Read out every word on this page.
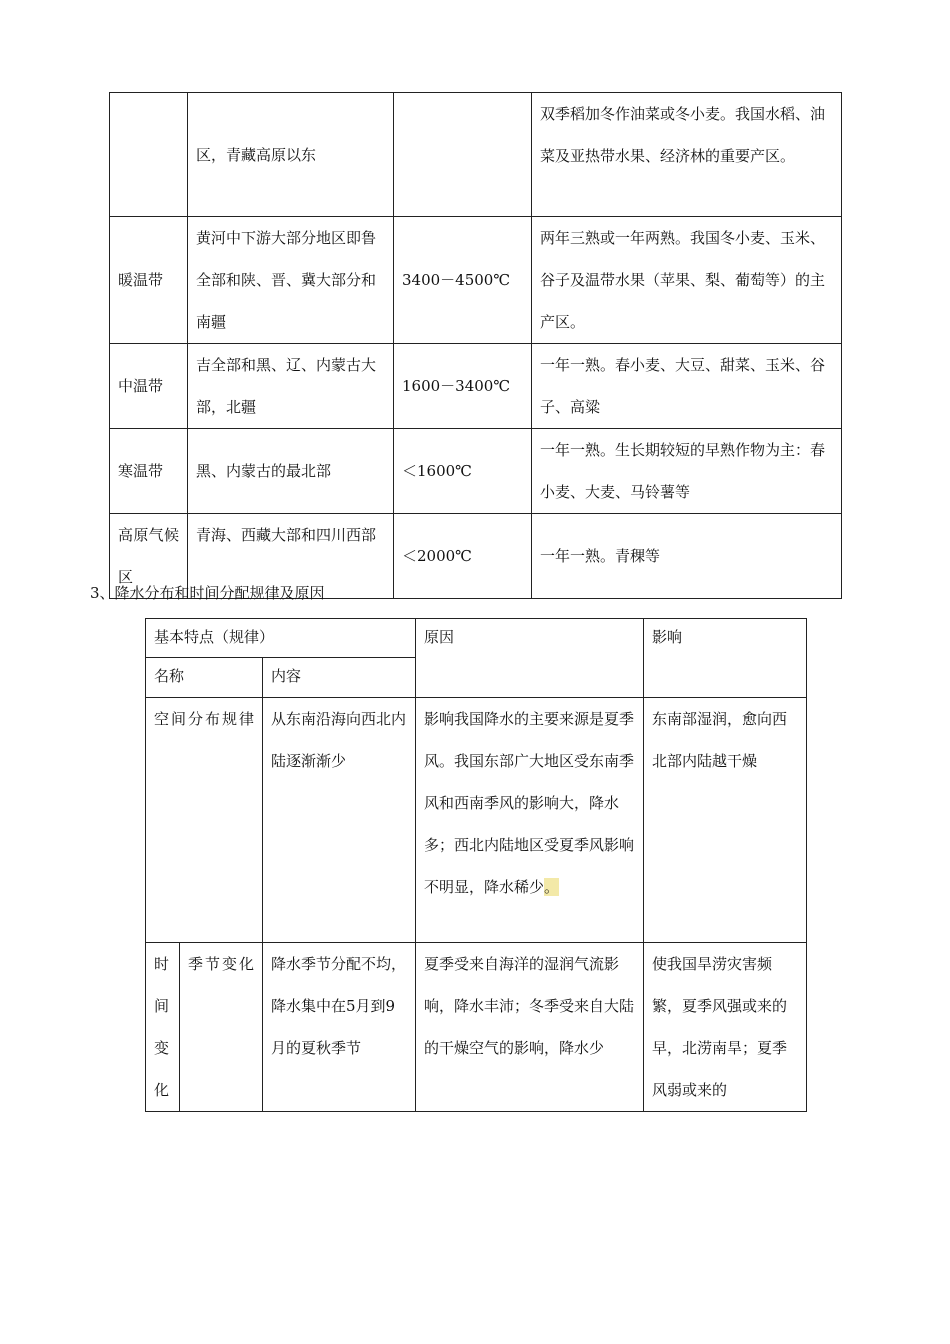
	区，青藏高原以东		双季稻加冬作油菜或冬小麦。我国水稻、油菜及亚热带水果、经济林的重要产区。
暖温带	黄河中下游大部分地区即鲁全部和陕、晋、冀大部分和南疆	3400－4500℃	两年三熟或一年两熟。我国冬小麦、玉米、谷子及温带水果（苹果、梨、葡萄等）的主产区。
中温带	吉全部和黑、辽、内蒙古大部，北疆	1600－3400℃	一年一熟。春小麦、大豆、甜菜、玉米、谷子、高粱
寒温带	黑、内蒙古的最北部	＜1600℃	一年一熟。生长期较短的早熟作物为主：春小麦、大麦、马铃薯等
高原气候区	青海、西藏大部和四川西部	＜2000℃	一年一熟。青稞等
3、降水分布和时间分配规律及原因
基本特点（规律）			原因	影响
名称		内容		

空间分布规律		从东南沿海向西北内陆逐渐渐少	影响我国降水的主要来源是夏季风。我国东部广大地区受东南季风和西南季风的影响大，降水多；西北内陆地区受夏季风影响不明显，降水稀少。	东南部湿润，愈向西北部内陆越干燥
时间变化	季节变化	降水季节分配不均，降水集中在5月到9月的夏秋季节	夏季受来自海洋的湿润气流影响，降水丰沛；冬季受来自大陆的干燥空气的影响，降水少	使我国旱涝灾害频繁，夏季风强或来的早，北涝南旱；夏季风弱或来的
